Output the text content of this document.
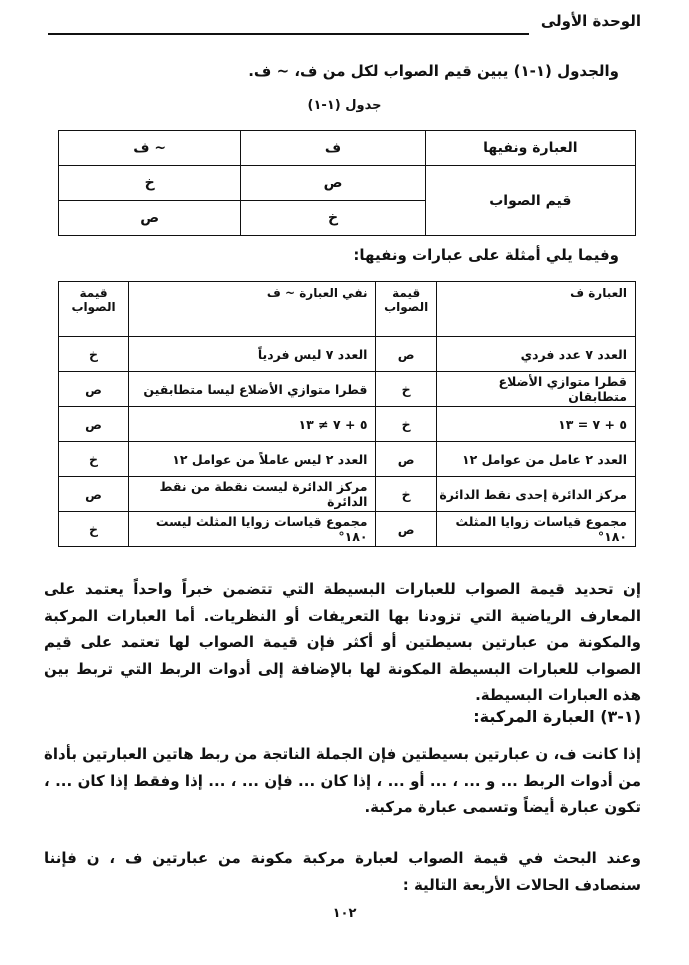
الوحدة الأولى
والجدول (١-١) يبين قيم الصواب لكل من ف، ~ ف.
جدول (١-١)
العبارة ونفيها	ف	~ ف
قيم الصواب	ص	خ
	خ	ص
وفيما يلي أمثلة على عبارات ونفيها:
العبارة ف	قيمة الصواب	نفي العبارة ~ ف	قيمة الصواب
العدد ٧ عدد فردي	ص	العدد ٧ ليس فردياً	خ
قطرا متوازي الأضلاع متطابقان	خ	قطرا متوازي الأضلاع ليسا متطابقين	ص
٥ + ٧ = ١٣	خ	٥ + ٧ ≠ ١٣	ص
العدد ٢ عامل من عوامل ١٢	ص	العدد ٢ ليس عاملاً من عوامل ١٢	خ
مركز الدائرة إحدى نقط الدائرة	خ	مركز الدائرة ليست نقطة من نقط الدائرة	ص
مجموع قياسات زوايا المثلث ١٨٠°	ص	مجموع قياسات زوايا المثلث ليست ١٨٠°	خ
إن تحديد قيمة الصواب للعبارات البسيطة التي تتضمن خبراً واحداً يعتمد على المعارف الرياضية التي تزودنا بها التعريفات أو النظريات. أما العبارات المركبة والمكونة من عبارتين بسيطتين أو أكثر فإن قيمة الصواب لها تعتمد على قيم الصواب للعبارات البسيطة المكونة لها بالإضافة إلى أدوات الربط التي تربط بين هذه العبارات البسيطة.
(١-٣) العبارة المركبة:
إذا كانت ف، ن عبارتين بسيطتين فإن الجملة الناتجة من ربط هاتين العبارتين بأداة من أدوات الربط ... و ... ، ... أو ... ، إذا كان ... فإن ... ، ... إذا وفقط إذا كان ... ، تكون عبارة أيضاً وتسمى عبارة مركبة.
وعند البحث في قيمة الصواب لعبارة مركبة مكونة من عبارتين ف ، ن فإننا سنصادف الحالات الأربعة التالية :
١٠٢
